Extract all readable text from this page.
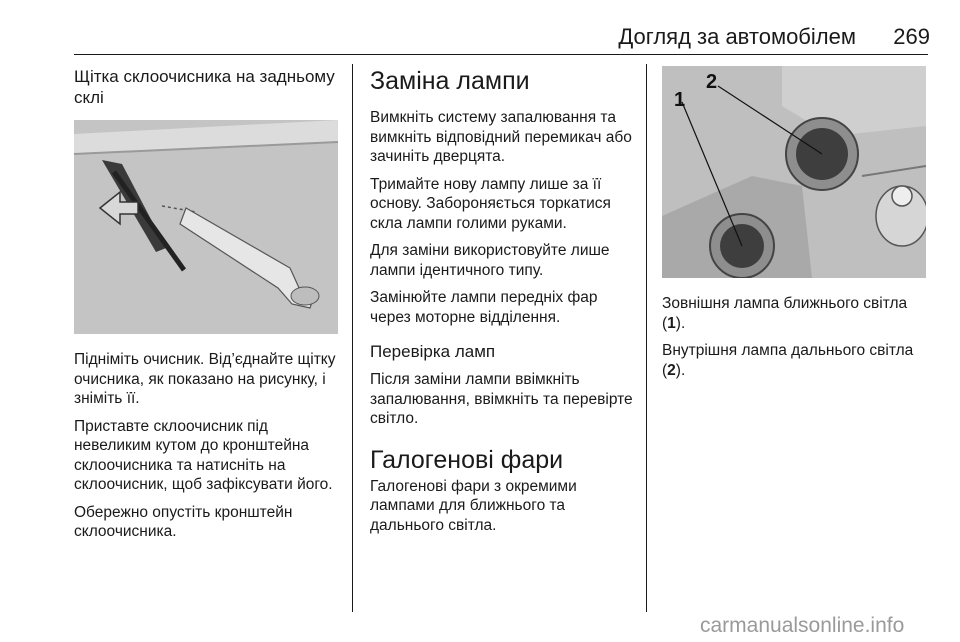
Догляд за автомобілем	269
Щітка склоочисника на задньому склі

Підніміть очисник. Від’єднайте щітку очисника, як показано на рисунку, і зніміть її.

Приставте склоочисник під невеликим кутом до кронштейна склоочисника та натисніть на склоочисник, щоб зафіксувати його.

Обережно опустіть кронштейн склоочисника.

Заміна лампи

Вимкніть систему запалювання та вимкніть відповідний перемикач або зачиніть дверцята.

Тримайте нову лампу лише за її основу. Забороняється торкатися скла лампи голими руками.

Для заміни використовуйте лише лампи ідентичного типу.

Замінюйте лампи передніх фар через моторне відділення.

Перевірка ламп

Після заміни лампи ввімкніть запалювання, ввімкніть та перевірте світло.

Галогенові фари

Галогенові фари з окремими лампами для ближнього та дальнього світла.

1
2

Зовнішня лампа ближнього світла
(1).

Внутрішня лампа дальнього світла
(2).

carmanualsonline.info
